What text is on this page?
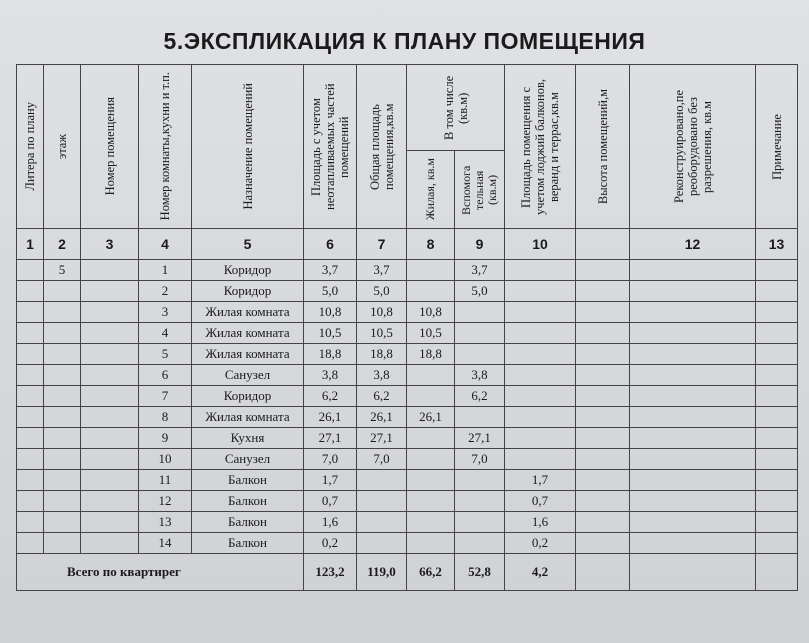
5.ЭКСПЛИКАЦИЯ К ПЛАНУ ПОМЕЩЕНИЯ
Литера по плану	этаж	Номер помещения	Номер комнаты,кухни и т.п.	Назначение помещений	Площадь с учетом неотапливаемых частей помещений	Общая площадь помещения,кв.м	В том числе (кв.м)		Площадь помещения с учетом лоджий балконов, веранд и террас,кв.м	Высота помещений,м	Реконструировано,пе реоборудовано без разрешения, кв.м	Примечание

							Жилая, кв.м	Вспомога тельная (кв.м)				

1	2	3	4	5	6	7	8	9	10		12	13
	5		1	Коридор	3,7	3,7		3,7				
			2	Коридор	5,0	5,0		5,0				
			3	Жилая комната	10,8	10,8	10,8					
			4	Жилая комната	10,5	10,5	10,5					
			5	Жилая комната	18,8	18,8	18,8					
			6	Санузел	3,8	3,8		3,8				
			7	Коридор	6,2	6,2		6,2				
			8	Жилая комната	26,1	26,1	26,1					
			9	Кухня	27,1	27,1		27,1				
			10	Санузел	7,0	7,0		7,0				
			11	Балкон	1,7				1,7			
			12	Балкон	0,7				0,7			
			13	Балкон	1,6				1,6			
			14	Балкон	0,2				0,2			
Всего по квартирег					123,2	119,0	66,2	52,8	4,2			
